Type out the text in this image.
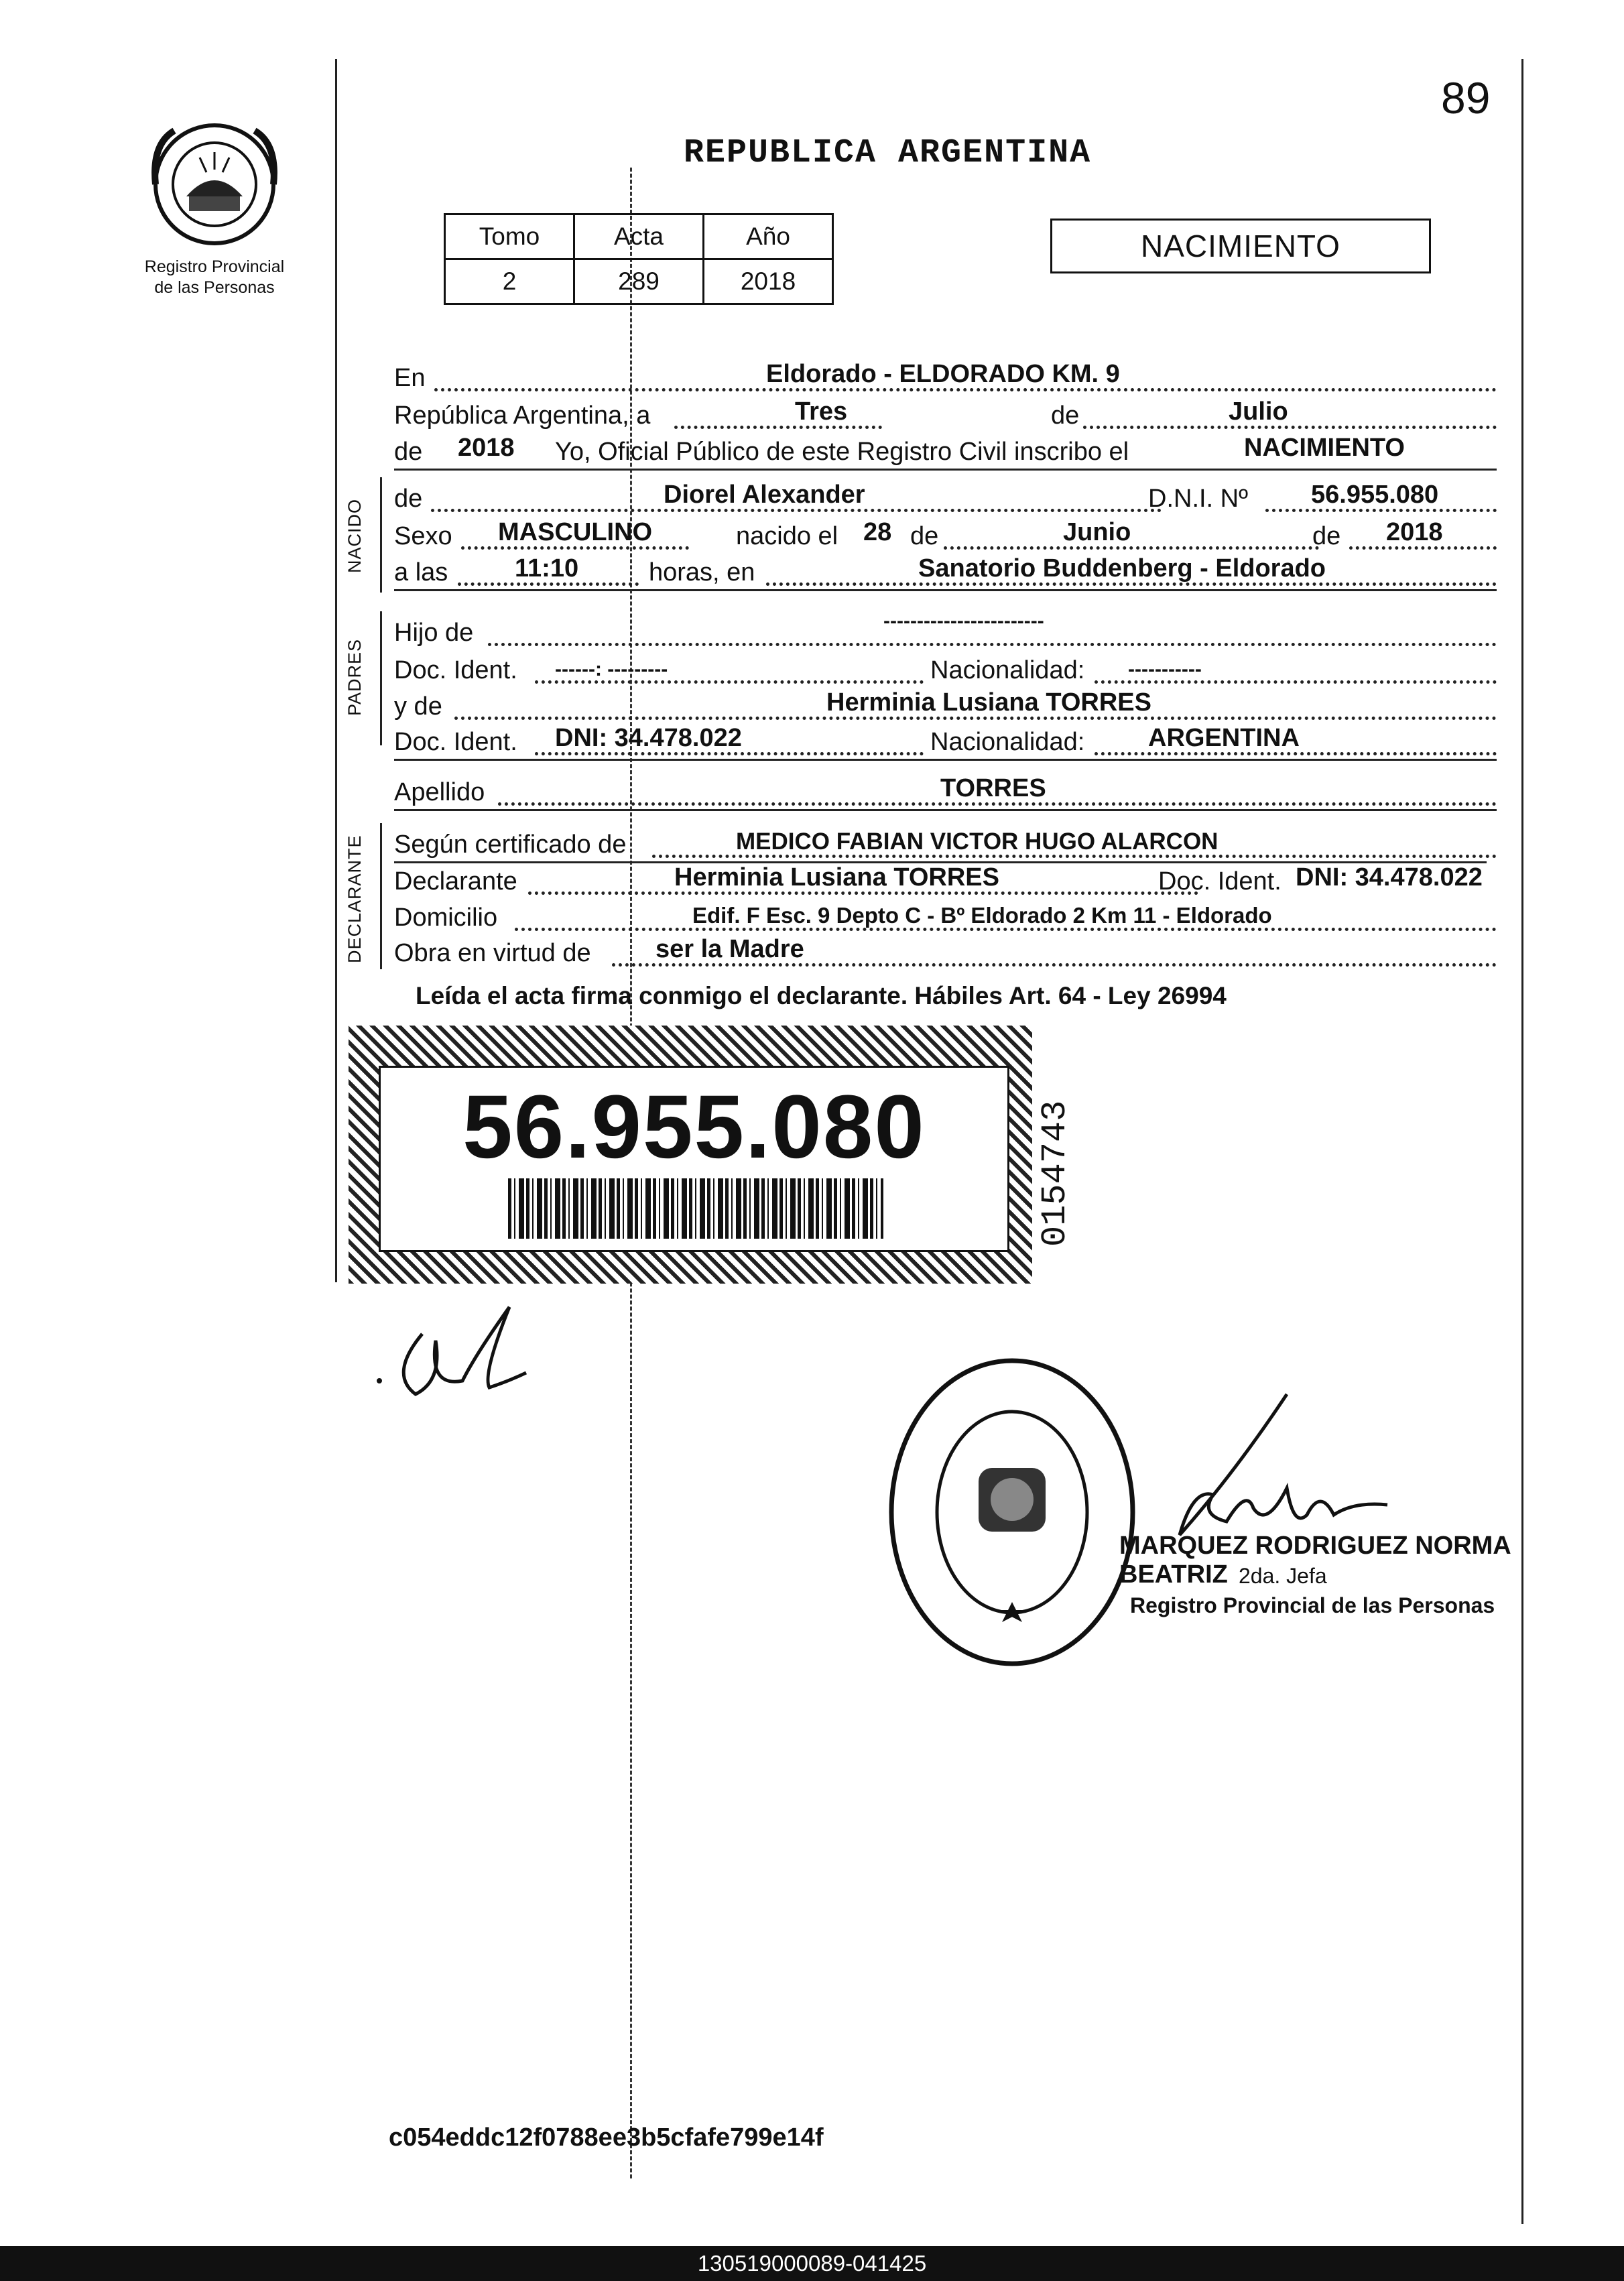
Registro Provincial
de las Personas
89
REPUBLICA ARGENTINA
Tomo	Acta	Año
2	289	2018
NACIMIENTO
En	Eldorado - ELDORADO KM. 9
República Argentina, a	Tres	de	Julio
de 2018 Yo, Oficial Público de este Registro Civil inscribo el	NACIMIENTO
NACIDO de	Diorel Alexander	D.N.I. Nº 56.955.080
Sexo MASCULINO	nacido el 28 de	Junio	de 2018
a las	11:10	horas, en	Sanatorio Buddenberg - Eldorado
PADRES
Hijo de	------------------------
Doc. Ident. ------: ---------	Nacionalidad: -----------
y de	Herminia Lusiana TORRES
Doc. Ident. DNI: 34.478.022	Nacionalidad: ARGENTINA
Apellido	TORRES
DECLARANTE Según certificado de	MEDICO FABIAN VICTOR HUGO ALARCON
Declarante	Herminia Lusiana TORRES	Doc. Ident. DNI: 34.478.022
Domicilio	Edif. F Esc. 9 Depto C - Bº Eldorado 2 Km 11 - Eldorado
Obra en virtud de	ser la Madre
Leída el acta firma conmigo el declarante. Hábiles Art. 64 - Ley 26994
56.955.080	0154743
MARQUEZ RODRIGUEZ NORMA BEATRIZ 2da. Jefa
Registro Provincial de las Personas
c054eddc12f0788ee3b5cfafe799e14f
130519000089-041425
